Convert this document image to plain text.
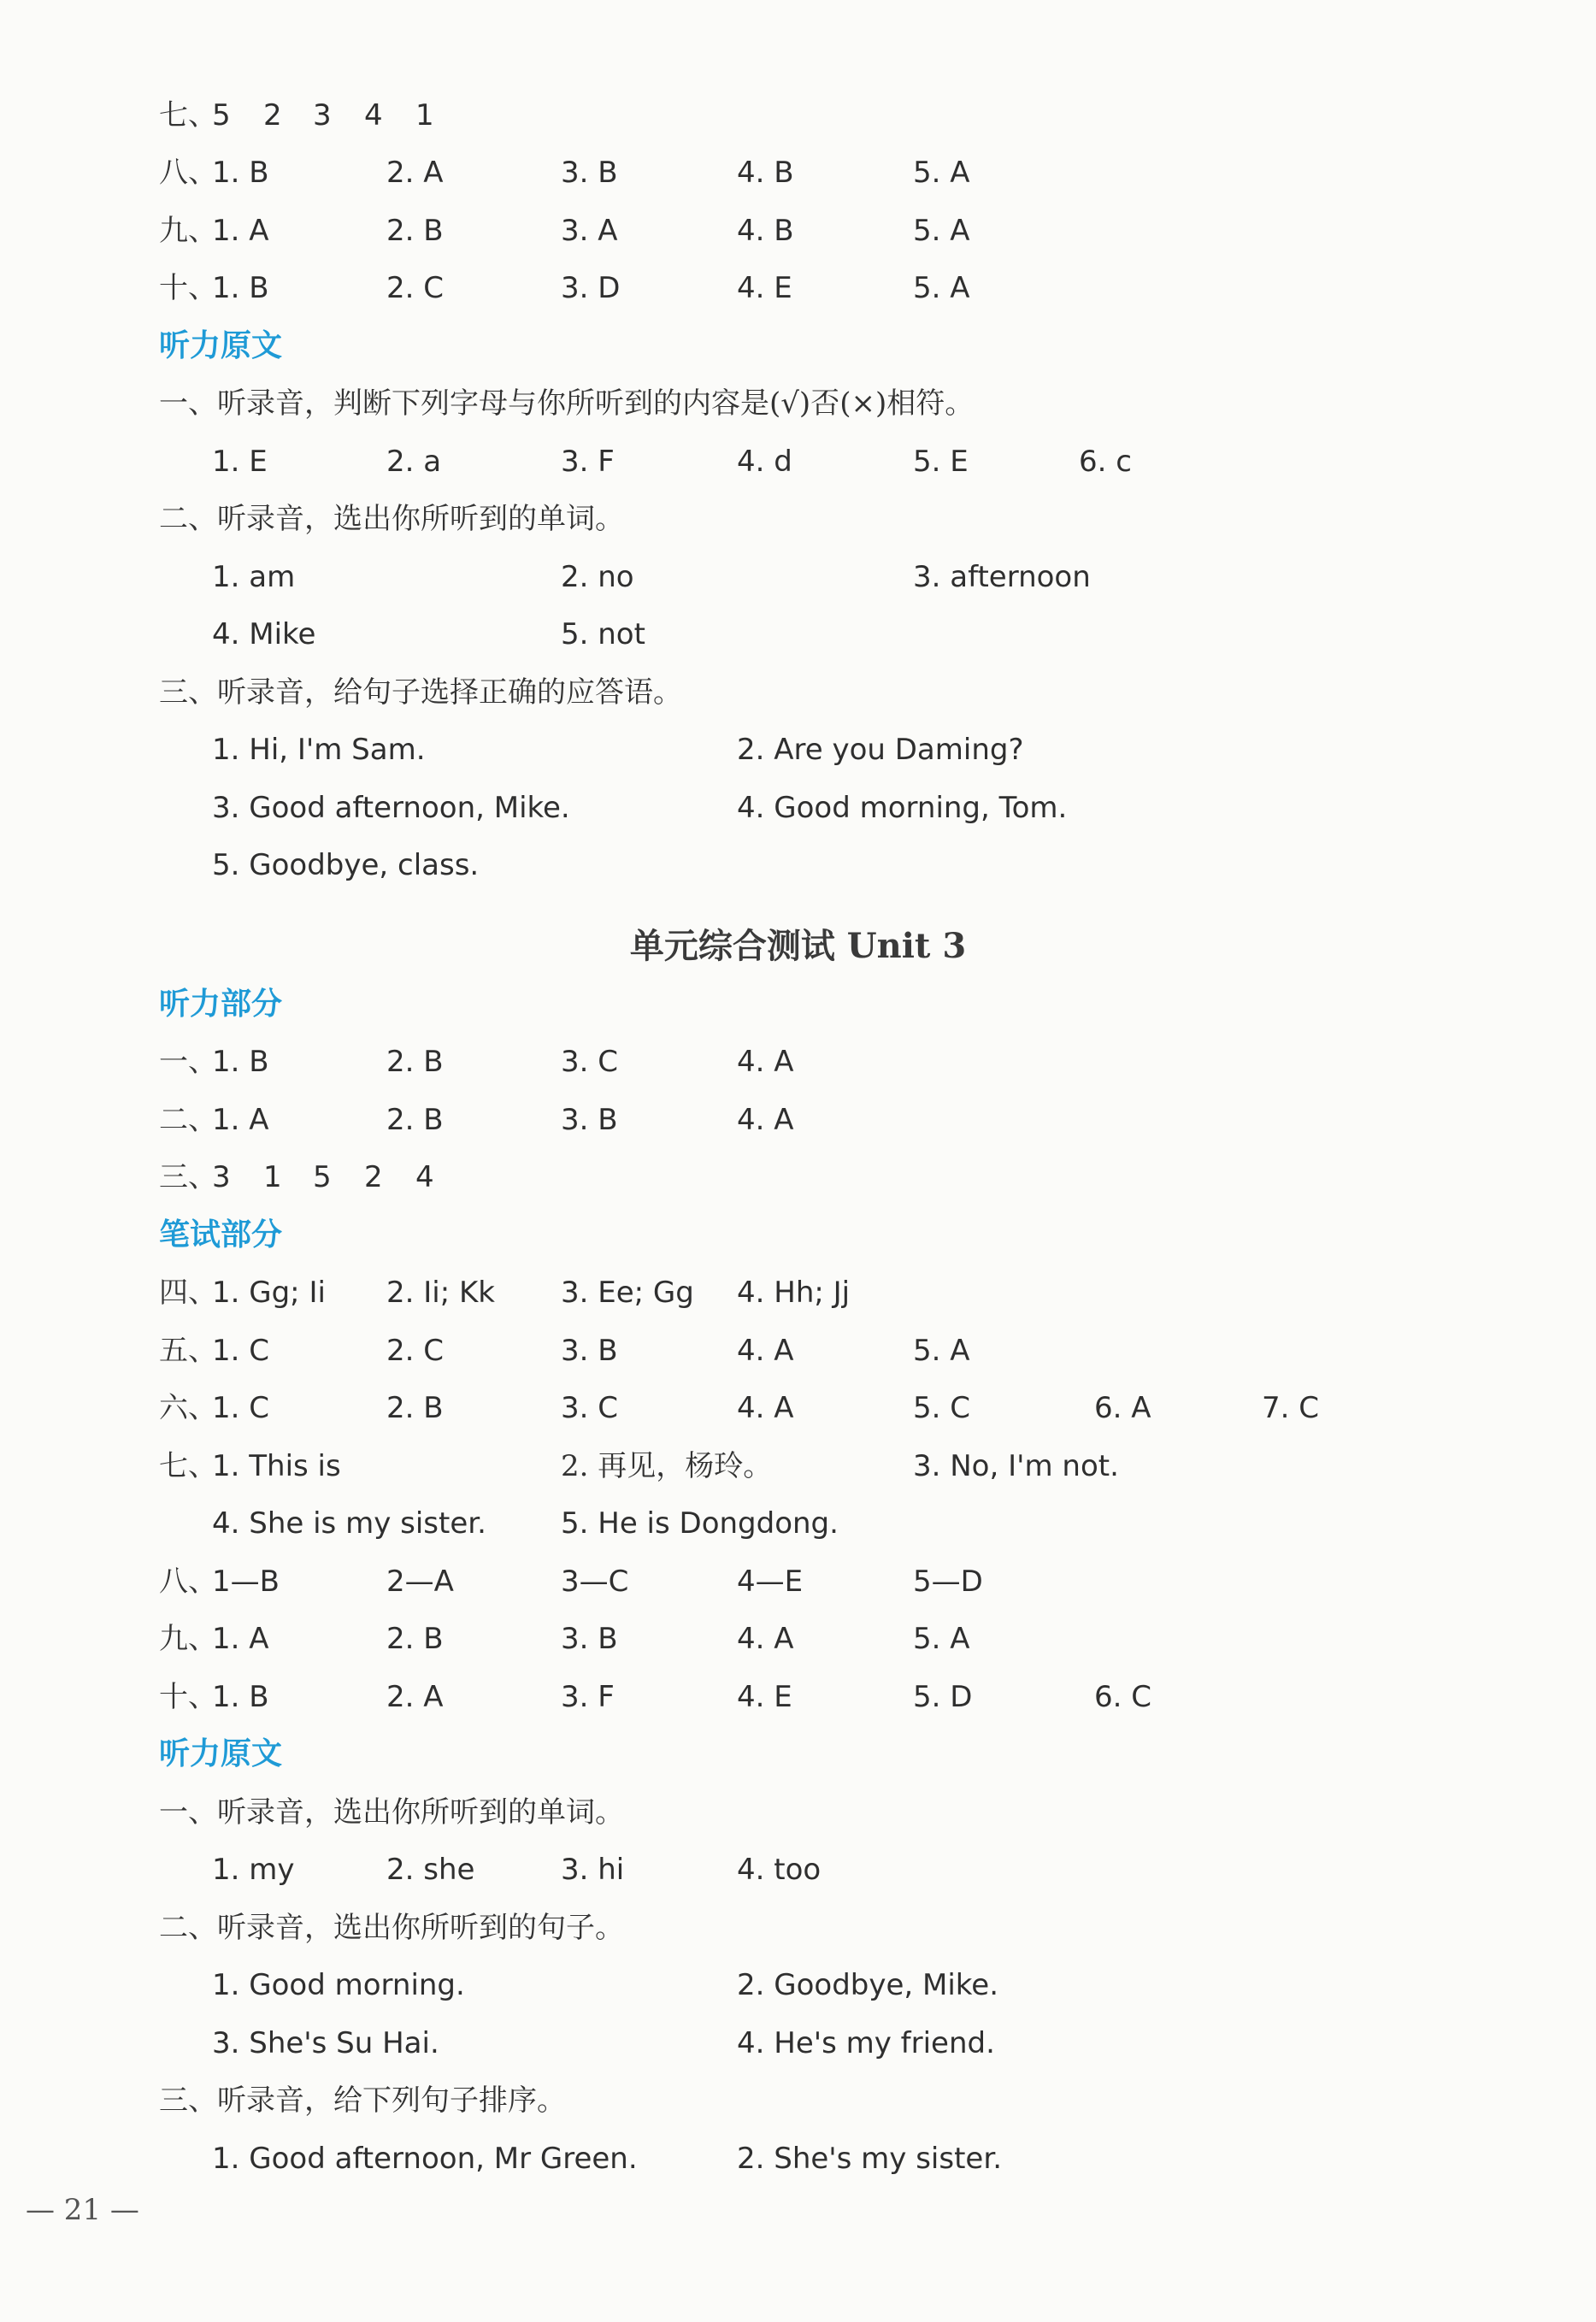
七、
5 2 3 4 1
八、
1. B	2. A	3. B	4. B	5. A
九、
1. A	2. B	3. A	4. B	5. A
十、
1. B	2. C	3. D	4. E	5. A
听力原文
一、听录音，判断下列字母与你所听到的内容是(√)否(×)相符。
1. E	2. a	3. F	4. d	5. E	6. c
二、听录音，选出你所听到的单词。
1. am	2. no	3. afternoon
4. Mike	5. not
三、听录音，给句子选择正确的应答语。
1. Hi, I'm Sam.	2. Are you Daming?
3. Good afternoon, Mike.	4. Good morning, Tom.
5. Goodbye, class.
单元综合测试 Unit 3
听力部分
一、
1. B	2. B	3. C	4. A
二、
1. A	2. B	3. B	4. A
三、
3 1 5 2 4
笔试部分
四、
1. Gg; Ii 2. Ii; Kk 3. Ee; Gg 4. Hh; Jj
五、
1. C	2. C	3. B	4. A	5. A
六、
1. C	2. B	3. C	4. A	5. C	6. A	7. C
七、
1. This is	2. 再见，杨玲。	3. No, I'm not.
4. She is my sister.	5. He is Dongdong.
八、
1—B	2—A	3—C	4—E	5—D
九、
1. A	2. B	3. B	4. A	5. A
十、
1. B	2. A	3. F	4. E	5. D	6. C
听力原文
一、听录音，选出你所听到的单词。
1. my	2. she	3. hi	4. too
二、听录音，选出你所听到的句子。
1. Good morning.	2. Goodbye, Mike.
3. She's Su Hai.	4. He's my friend.
三、听录音，给下列句子排序。
1. Good afternoon, Mr Green.	2. She's my sister.
— 21 —
